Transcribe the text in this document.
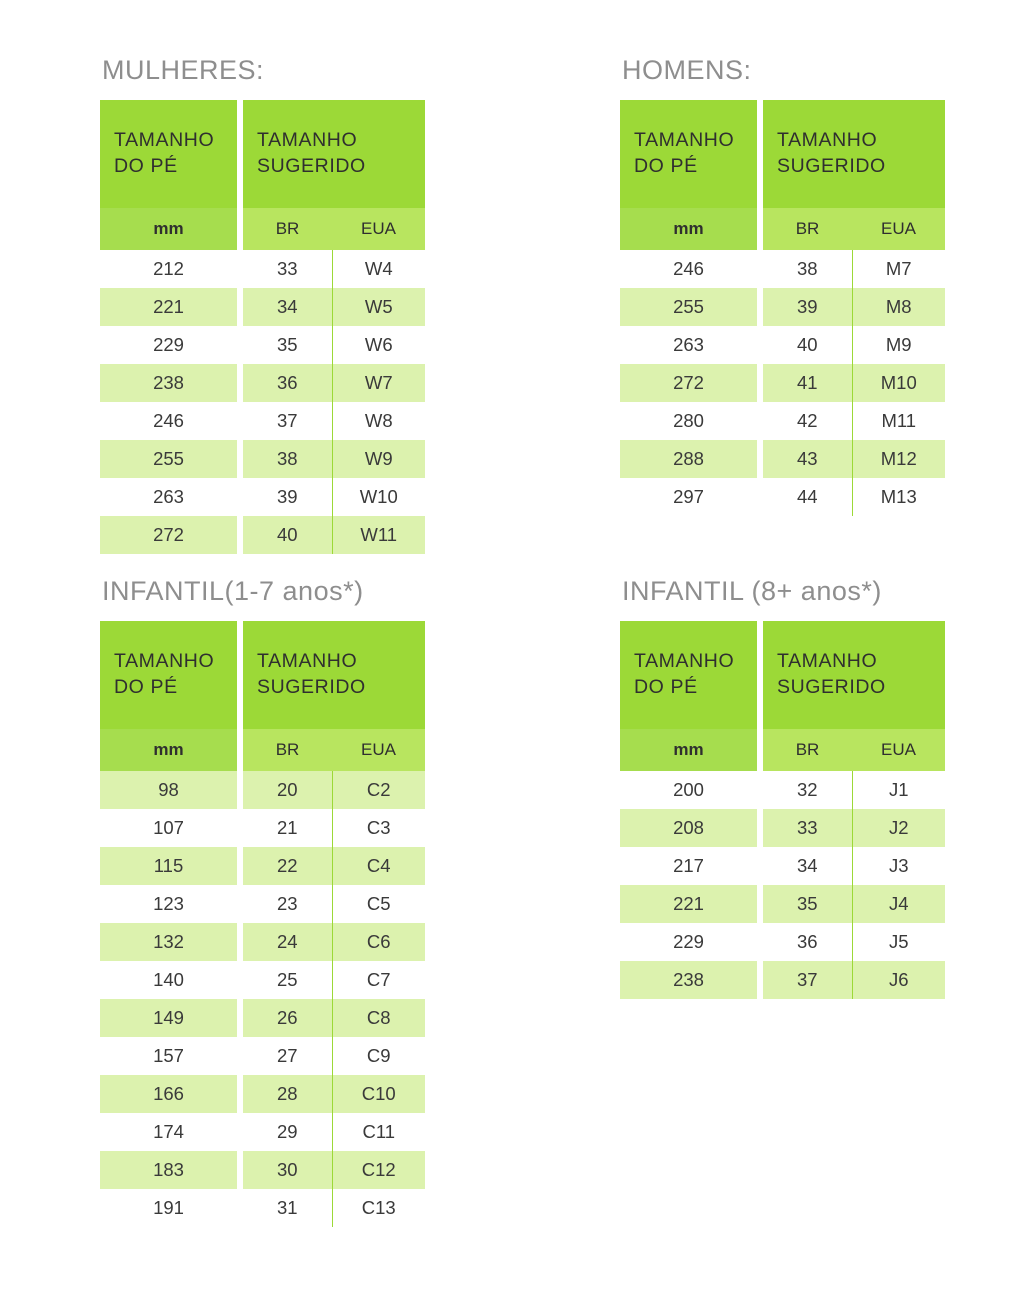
MULHERES:
TAMANHO DO PÉ	TAMANHO SUGERIDO	
mm	BR	EUA
212	33	W4
221	34	W5
229	35	W6
238	36	W7
246	37	W8
255	38	W9
263	39	W10
272	40	W11
HOMENS:
TAMANHO DO PÉ	TAMANHO SUGERIDO	
mm	BR	EUA
246	38	M7
255	39	M8
263	40	M9
272	41	M10
280	42	M11
288	43	M12
297	44	M13
INFANTIL(1-7 anos*)
TAMANHO DO PÉ	TAMANHO SUGERIDO	
mm	BR	EUA
98	20	C2
107	21	C3
115	22	C4
123	23	C5
132	24	C6
140	25	C7
149	26	C8
157	27	C9
166	28	C10
174	29	C11
183	30	C12
191	31	C13
INFANTIL (8+ anos*)
TAMANHO DO PÉ	TAMANHO SUGERIDO	
mm	BR	EUA
200	32	J1
208	33	J2
217	34	J3
221	35	J4
229	36	J5
238	37	J6
